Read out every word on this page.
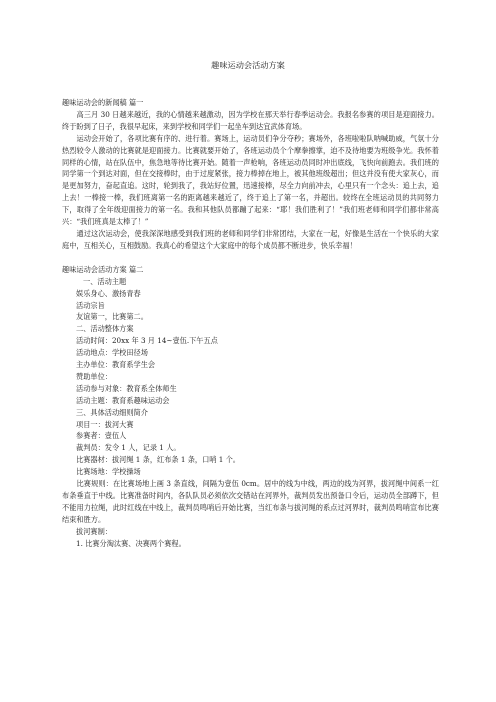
趣味运动会活动方案

趣味运动会的新闻稿 篇一

高三月 30 日越来越近，我的心情越来越激动，因为学校在那天举行春季运动会。我报名参赛的项目是迎面接力。终于盼到了日子，我很早起床，来到学校和同学们一起坐车到达宜武体育场。

运动会开始了，各项比赛有序的、进行着。赛场上，运动员们争分夺秒；赛场外，各班啦啦队呐喊助威，气氛十分热烈较令人激动的比赛就是迎面接力。比赛就要开始了，各班运动员个个摩拳擦掌，迫不及待地要为班级争光。我怀着同样的心情，站在队伍中，焦急地等待比赛开始。随着一声枪响，各班运动员同时冲出底线，飞快向前跑去。我们班的同学第一个到达对面，但在交接棒时，由于过度紧张，接力棒掉在地上，被其他班级超出；但这并没有使大家灰心，而是更加努力，奋起直追。这时，轮到我了，我站好位置，迅速接棒，尽全力向前冲去，心里只有一个念头：追上去，追上去！一棒接一棒，我们班离第一名的距离越来越近了，终于追上了第一名，并超出。较终在全班运动员的共同努力下，取得了全年级迎面接力的第一名。我和其他队员都蹦了起来：“耶！我们胜利了！”我们班老师和同学们都非常高兴：“我们班真是太棒了！”

通过这次运动会，使我深深地感受到我们班的老师和同学们非常团结，大家在一起，好像是生活在一个快乐的大家庭中，互相关心，互相鼓励。我真心的希望这个大家庭中的每个成员都不断进步，快乐幸福！

趣味运动会活动方案 篇二

一、活动主题

娱乐身心、激扬青春

活动宗旨

友谊第一，比赛第二。

二、活动整体方案

活动时间：20xx 年 3 月 14~壹伍.下午五点

活动地点：学校田径场

主办单位：教育系学生会

赞助单位：

活动参与对象：教育系全体师生

活动主题：教育系趣味运动会

三、具体活动细则简介

项目一：拔河大赛

参赛者：壹伍人

裁判员：发令 1 人，记录 1 人。

比赛器材：拔河绳 1 条，红布条 1 条，口哨 1 个。

比赛场地：学校操场

比赛规则：在比赛场地上画 3 条直线，间隔为壹伍 0cm。居中的线为中线，两边的线为河界，拔河绳中间系一红布条垂直于中线。比赛准备时间内，各队队员必须依次交错站在河界外，裁判员发出预备口令后，运动员全部蹲下，但不能用力拉绳，此时红线在中线上，裁判员鸣哨后开始比赛，当红布条与拔河绳的系点过河界时，裁判员鸣哨宣布比赛结束和胜方。

拔河赛制：

1. 比赛分淘汰赛、决赛两个赛程。
